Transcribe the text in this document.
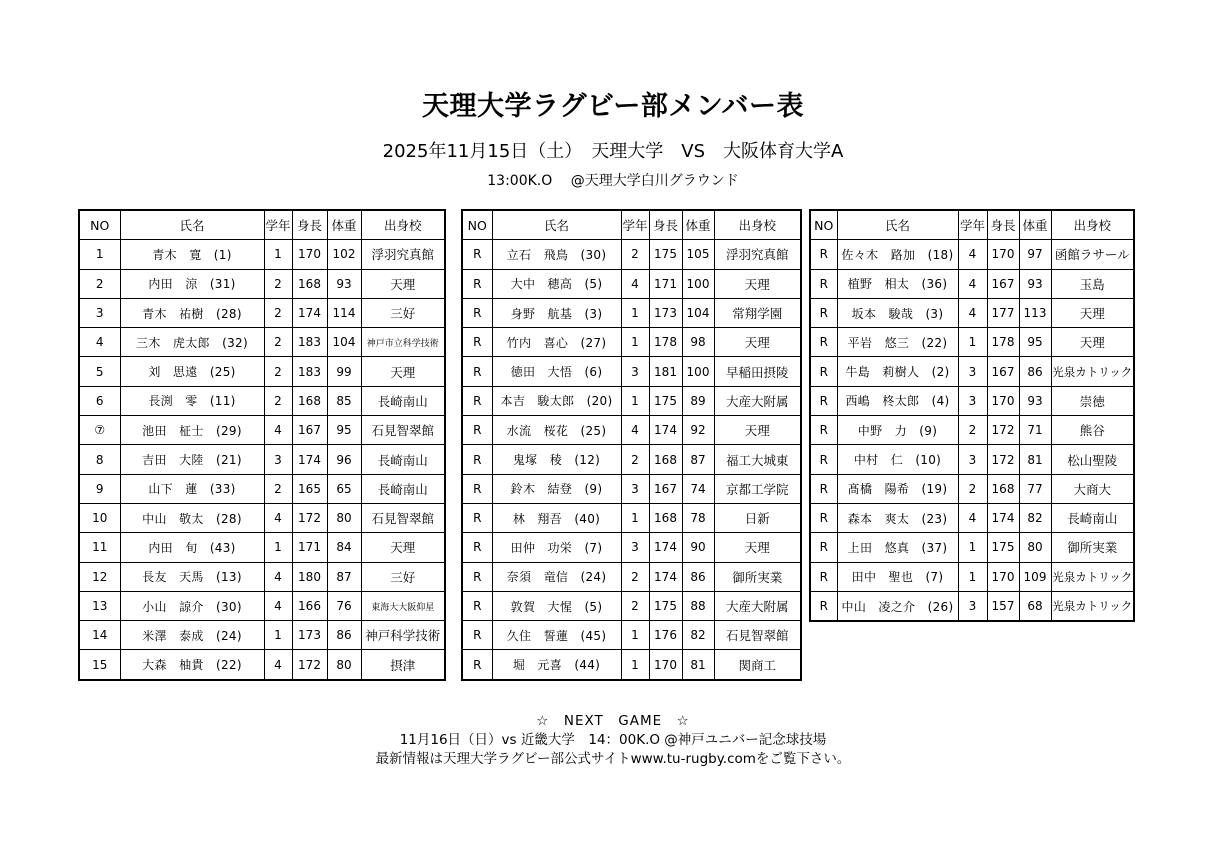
天理大学ラグビー部メンバー表
2025年11月15日（土）　天理大学　VS　大阪体育大学A
13:00K.O　 @天理大学白川グラウンド
NO	氏名	学年	身長	体重	出身校
1	青木　寛　(1)	1	170	102	浮羽究真館
2	内田　涼　(31)	2	168	93	天理
3	青木　祐樹　(28)	2	174	114	三好
4	三木　虎太郎　(32)	2	183	104	神戸市立科学技術
5	刘　思遠　(25)	2	183	99	天理
6	長渕　零　(11)	2	168	85	長崎南山
⑦	池田　柾士　(29)	4	167	95	石見智翠館
8	吉田　大陸　(21)	3	174	96	長崎南山
9	山下　蓮　(33)	2	165	65	長崎南山
10	中山　敬太　(28)	4	172	80	石見智翠館
11	内田　旬　(43)	1	171	84	天理
12	長友　天馬　(13)	4	180	87	三好
13	小山　諒介　(30)	4	166	76	東海大大阪仰星
14	米澤　泰成　(24)	1	173	86	神戸科学技術
15	大森　柚貴　(22)	4	172	80	摂津
NO	氏名	学年	身長	体重	出身校
R	立石　飛鳥　(30)	2	175	105	浮羽究真館
R	大中　穂高　(5)	4	171	100	天理
R	身野　航基　(3)	1	173	104	常翔学園
R	竹内　喜心　(27)	1	178	98	天理
R	徳田　大悟　(6)	3	181	100	早稲田摂陵
R	本吉　駿太郎　(20)	1	175	89	大産大附属
R	水流　桜花　(25)	4	174	92	天理
R	鬼塚　稜　(12)	2	168	87	福工大城東
R	鈴木　結登　(9)	3	167	74	京都工学院
R	林　翔吾　(40)	1	168	78	日新
R	田仲　功栄　(7)	3	174	90	天理
R	奈須　竜信　(24)	2	174	86	御所実業
R	敦賀　大惺　(5)	2	175	88	大産大附属
R	久住　誓蓮　(45)	1	176	82	石見智翠館
R	堀　元喜　(44)	1	170	81	関商工
NO	氏名	学年	身長	体重	出身校
R	佐々木　路加　(18)	4	170	97	函館ラサール
R	植野　相太　(36)	4	167	93	玉島
R	坂本　駿哉　(3)	4	177	113	天理
R	平岩　悠三　(22)	1	178	95	天理
R	牛島　莉樹人　(2)	3	167	86	光泉カトリック
R	西嶋　柊太郎　(4)	3	170	93	崇徳
R	中野　力　(9)	2	172	71	熊谷
R	中村　仁　(10)	3	172	81	松山聖陵
R	髙橋　陽希　(19)	2	168	77	大商大
R	森本　爽太　(23)	4	174	82	長崎南山
R	上田　悠真　(37)	1	175	80	御所実業
R	田中　聖也　(7)	1	170	109	光泉カトリック
R	中山　凌之介　(26)	3	157	68	光泉カトリック
☆　NEXT　GAME　☆
11月16日（日）vs 近畿大学　14：00K.O @神戸ユニバー記念球技場
最新情報は天理大学ラグビー部公式サイトwww.tu-rugby.comをご覧下さい。
